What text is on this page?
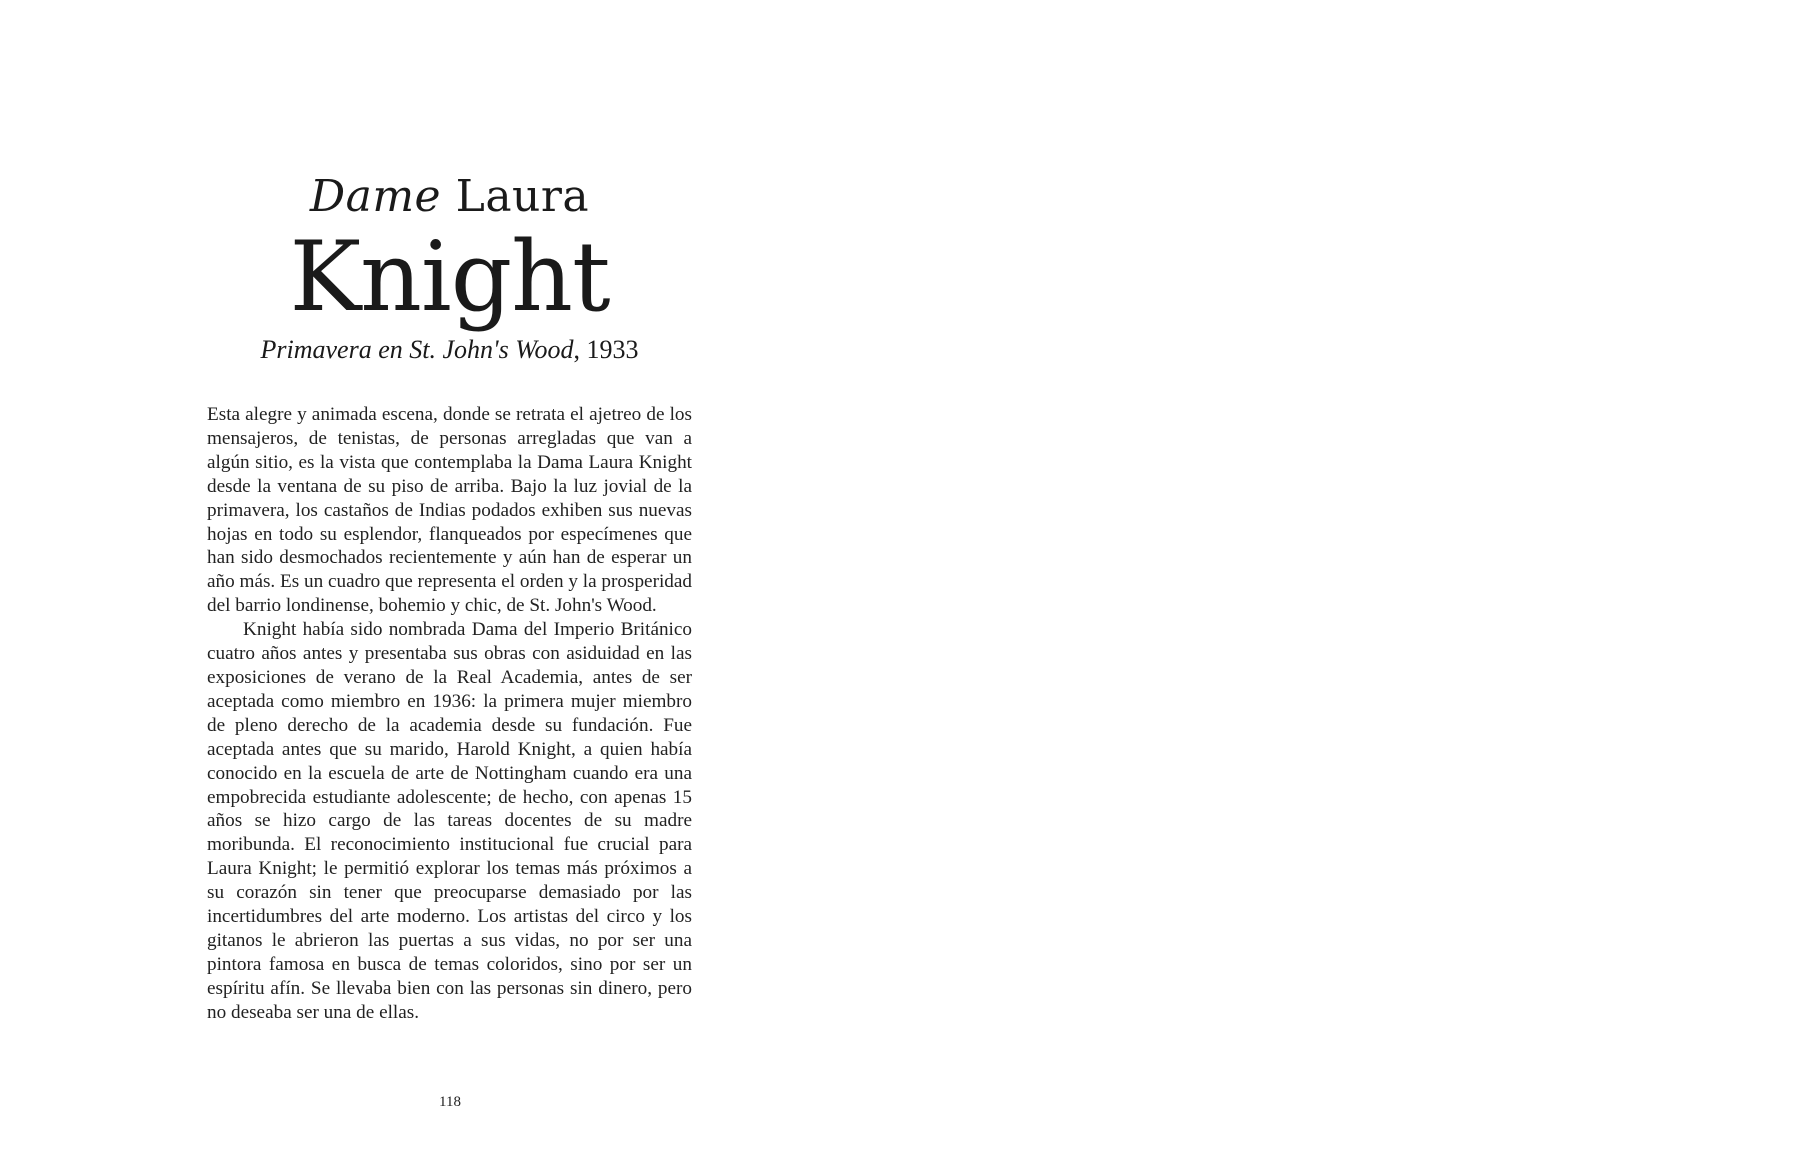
Dame Laura
Knight
Primavera en St. John's Wood, 1933

Esta alegre y animada escena, donde se retrata el ajetreo de los mensajeros, de tenistas, de personas arregladas que van a algún sitio, es la vista que contemplaba la Dama Laura Knight desde la ventana de su piso de arriba. Bajo la luz jovial de la primavera, los castaños de Indias podados exhiben sus nuevas hojas en todo su esplendor, flanqueados por especímenes que han sido desmochados recientemente y aún han de esperar un año más. Es un cuadro que representa el orden y la prosperidad del barrio londinense, bohemio y chic, de St. John's Wood.

Knight había sido nombrada Dama del Imperio Británico cuatro años antes y presentaba sus obras con asiduidad en las exposiciones de verano de la Real Academia, antes de ser aceptada como miembro en 1936: la primera mujer miembro de pleno derecho de la academia desde su fundación. Fue aceptada antes que su marido, Harold Knight, a quien había conocido en la escuela de arte de Nottingham cuando era una empobrecida estudiante adolescente; de hecho, con apenas 15 años se hizo cargo de las tareas docentes de su madre moribunda. El reconocimiento institucional fue crucial para Laura Knight; le permitió explorar los temas más próximos a su corazón sin tener que preocuparse demasiado por las incertidumbres del arte moderno. Los artistas del circo y los gitanos le abrieron las puertas a sus vidas, no por ser una pintora famosa en busca de temas coloridos, sino por ser un espíritu afín. Se llevaba bien con las personas sin dinero, pero no deseaba ser una de ellas.

118
